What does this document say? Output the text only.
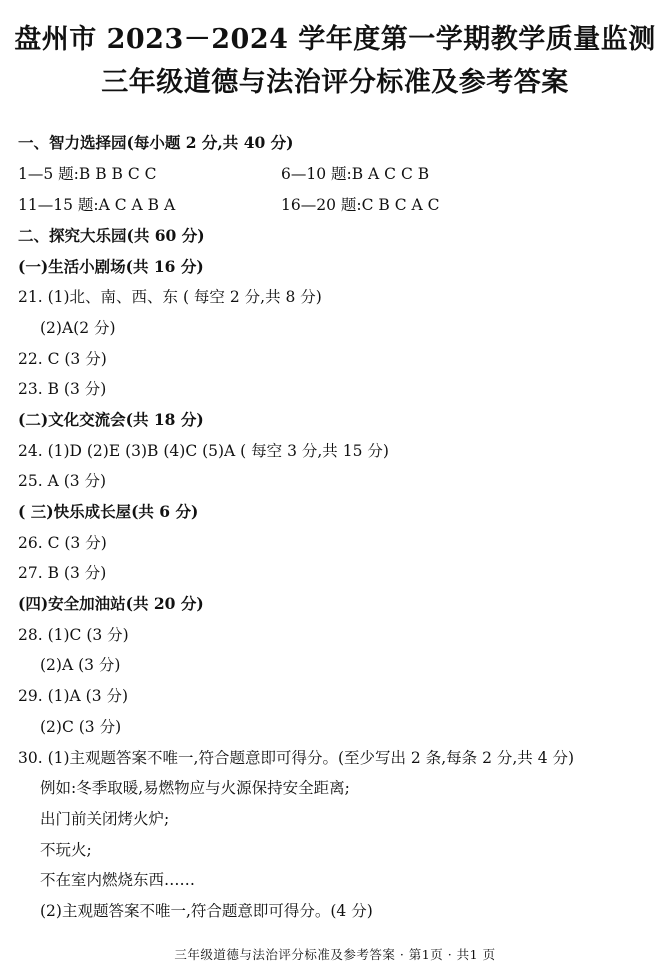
盘州市 2023－2024 学年度第一学期教学质量监测
三年级道德与法治评分标准及参考答案
一、智力选择园(每小题 2 分,共 40 分)
1—5 题:B B B C C	6—10 题:B A C C B
11—15 题:A C A B A	16—20 题:C B C A C
二、探究大乐园(共 60 分)
(一)生活小剧场(共 16 分)
21. (1)北、南、西、东 ( 每空 2 分,共 8 分)
(2)A(2 分)
22. C (3 分)
23. B (3 分)
(二)文化交流会(共 18 分)
24. (1)D (2)E (3)B (4)C (5)A ( 每空 3 分,共 15 分)
25. A (3 分)
( 三)快乐成长屋(共 6 分)
26. C (3 分)
27. B (3 分)
(四)安全加油站(共 20 分)
28. (1)C (3 分)
(2)A (3 分)
29. (1)A (3 分)
(2)C (3 分)
30. (1)主观题答案不唯一,符合题意即可得分。(至少写出 2 条,每条 2 分,共 4 分)
例如:冬季取暖,易燃物应与火源保持安全距离;
出门前关闭烤火炉;
不玩火;
不在室内燃烧东西……
(2)主观题答案不唯一,符合题意即可得分。(4 分)
三年级道德与法治评分标准及参考答案 · 第1页 · 共1 页
